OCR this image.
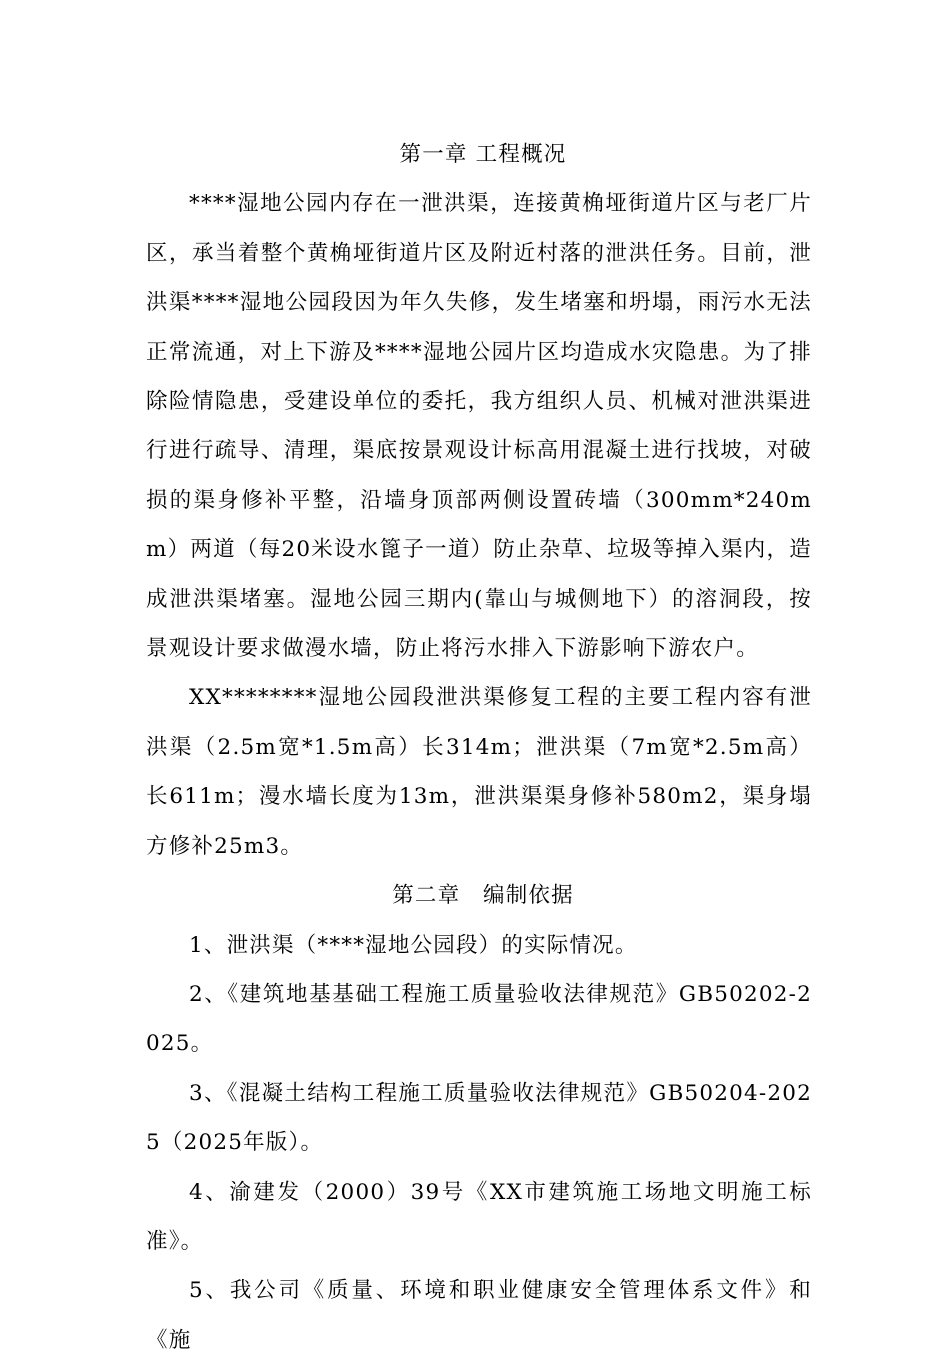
第一章 工程概况

****湿地公园内存在一泄洪渠，连接黄桷垭街道片区与老厂片区，承当着整个黄桷垭街道片区及附近村落的泄洪任务。目前，泄洪渠****湿地公园段因为年久失修，发生堵塞和坍塌，雨污水无法正常流通，对上下游及****湿地公园片区均造成水灾隐患。为了排除险情隐患，受建设单位的委托，我方组织人员、机械对泄洪渠进行进行疏导、清理，渠底按景观设计标高用混凝土进行找坡，对破损的渠身修补平整，沿墙身顶部两侧设置砖墙（300mm*240mm）两道（每20米设水篦子一道）防止杂草、垃圾等掉入渠内，造成泄洪渠堵塞。湿地公园三期内(靠山与城侧地下）的溶洞段，按景观设计要求做漫水墙，防止将污水排入下游影响下游农户。

XX********湿地公园段泄洪渠修复工程的主要工程内容有泄洪渠（2.5m宽*1.5m高）长314m；泄洪渠（7m宽*2.5m高）长611m；漫水墙长度为13m，泄洪渠渠身修补580m2，渠身塌方修补25m3。

第二章　编制依据

1、泄洪渠（****湿地公园段）的实际情况。

2、《建筑地基基础工程施工质量验收法律规范》GB50202-2025。

3、《混凝土结构工程施工质量验收法律规范》GB50204-2025（2025年版）。

4、渝建发（2000）39号《XX市建筑施工场地文明施工标准》。

5、我公司《质量、环境和职业健康安全管理体系文件》和《施
